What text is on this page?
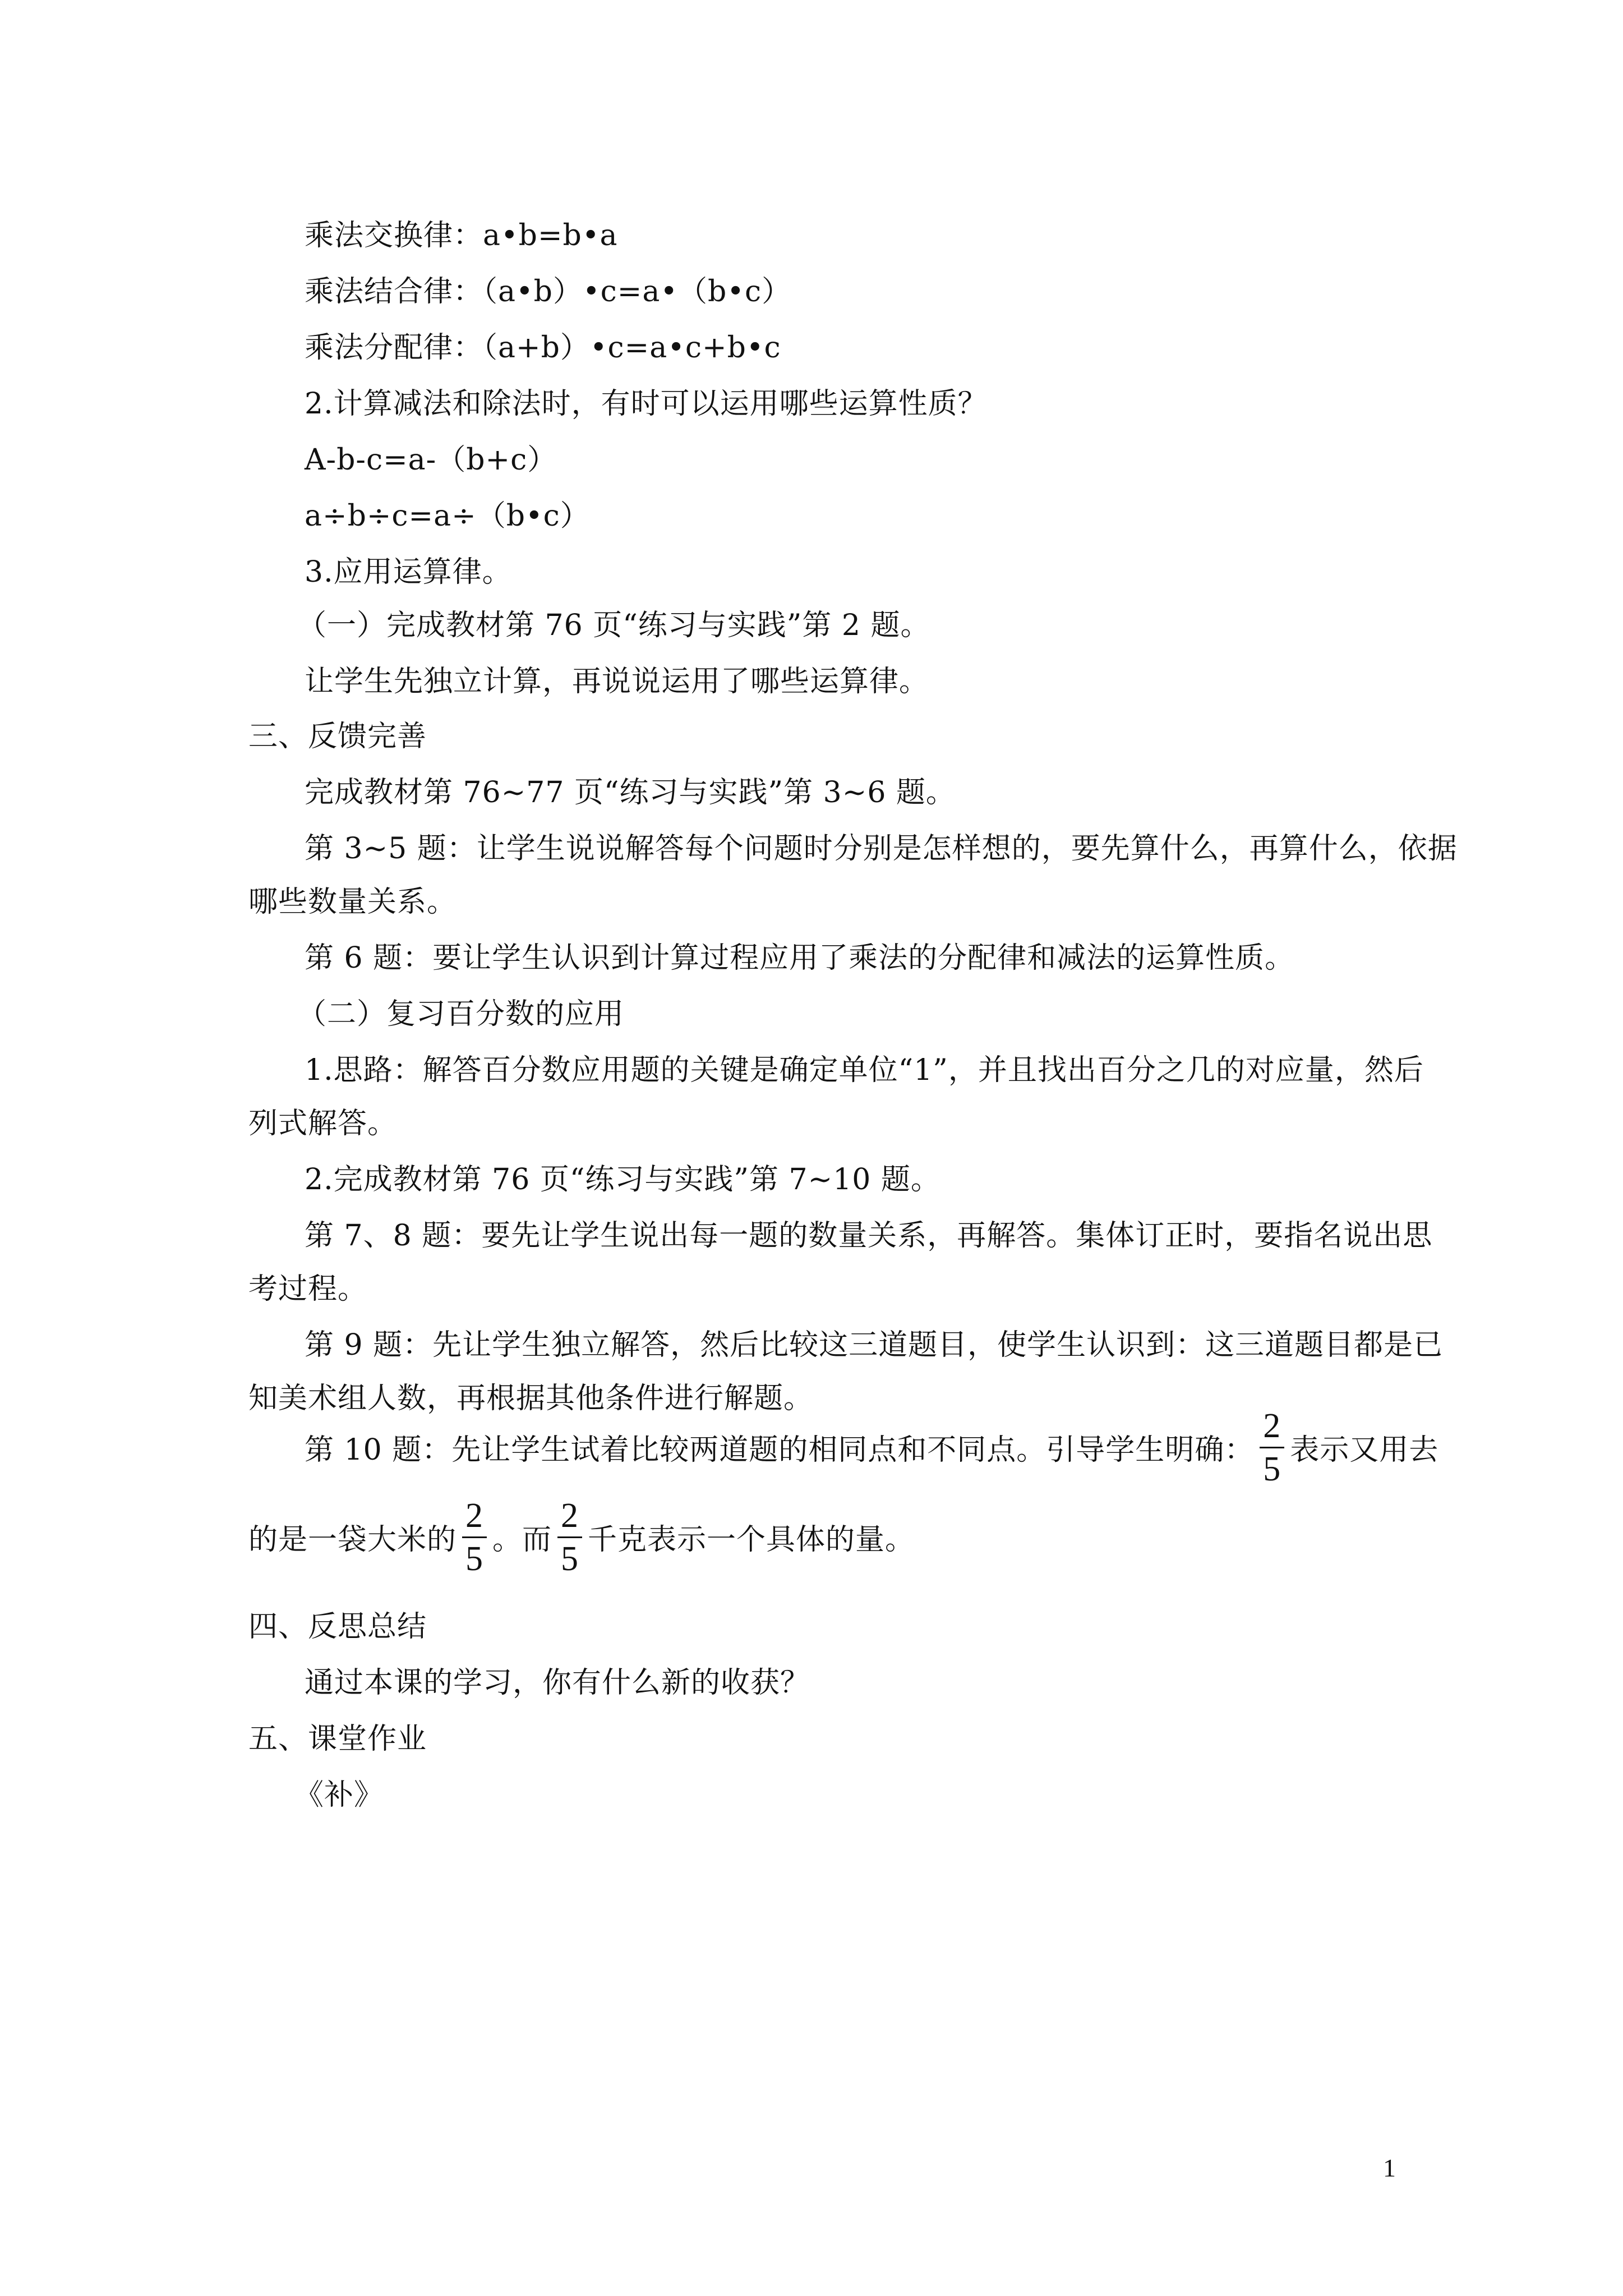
乘法交换律：a•b=b•a
乘法结合律：（a•b）•c=a•（b•c）
乘法分配律：（a+b）•c=a•c+b•c
2.计算减法和除法时，有时可以运用哪些运算性质？
A-b-c=a-（b+c）
a÷b÷c=a÷（b•c）
3.应用运算律。
（一）完成教材第 76 页“练习与实践”第 2 题。
让学生先独立计算，再说说运用了哪些运算律。
三、反馈完善
完成教材第 76~77 页“练习与实践”第 3~6 题。
第 3~5 题：让学生说说解答每个问题时分别是怎样想的，要先算什么，再算什么，依据
哪些数量关系。
第 6 题：要让学生认识到计算过程应用了乘法的分配律和减法的运算性质。
（二）复习百分数的应用
1.思路：解答百分数应用题的关键是确定单位“1”，并且找出百分之几的对应量，然后
列式解答。
2.完成教材第 76 页“练习与实践”第 7~10 题。
第 7、8 题：要先让学生说出每一题的数量关系，再解答。集体订正时，要指名说出思
考过程。
第 9 题：先让学生独立解答，然后比较这三道题目，使学生认识到：这三道题目都是已
知美术组人数，再根据其他条件进行解题。
第 10 题：先让学生试着比较两道题的相同点和不同点。引导学生明确： $\frac{2}{5}$ 表示又用去
的是一袋大米的 $\frac{2}{5}$ 。而 $\frac{2}{5}$ 千克表示一个具体的量。
四、反思总结
通过本课的学习，你有什么新的收获？
五、课堂作业
《补》
1
